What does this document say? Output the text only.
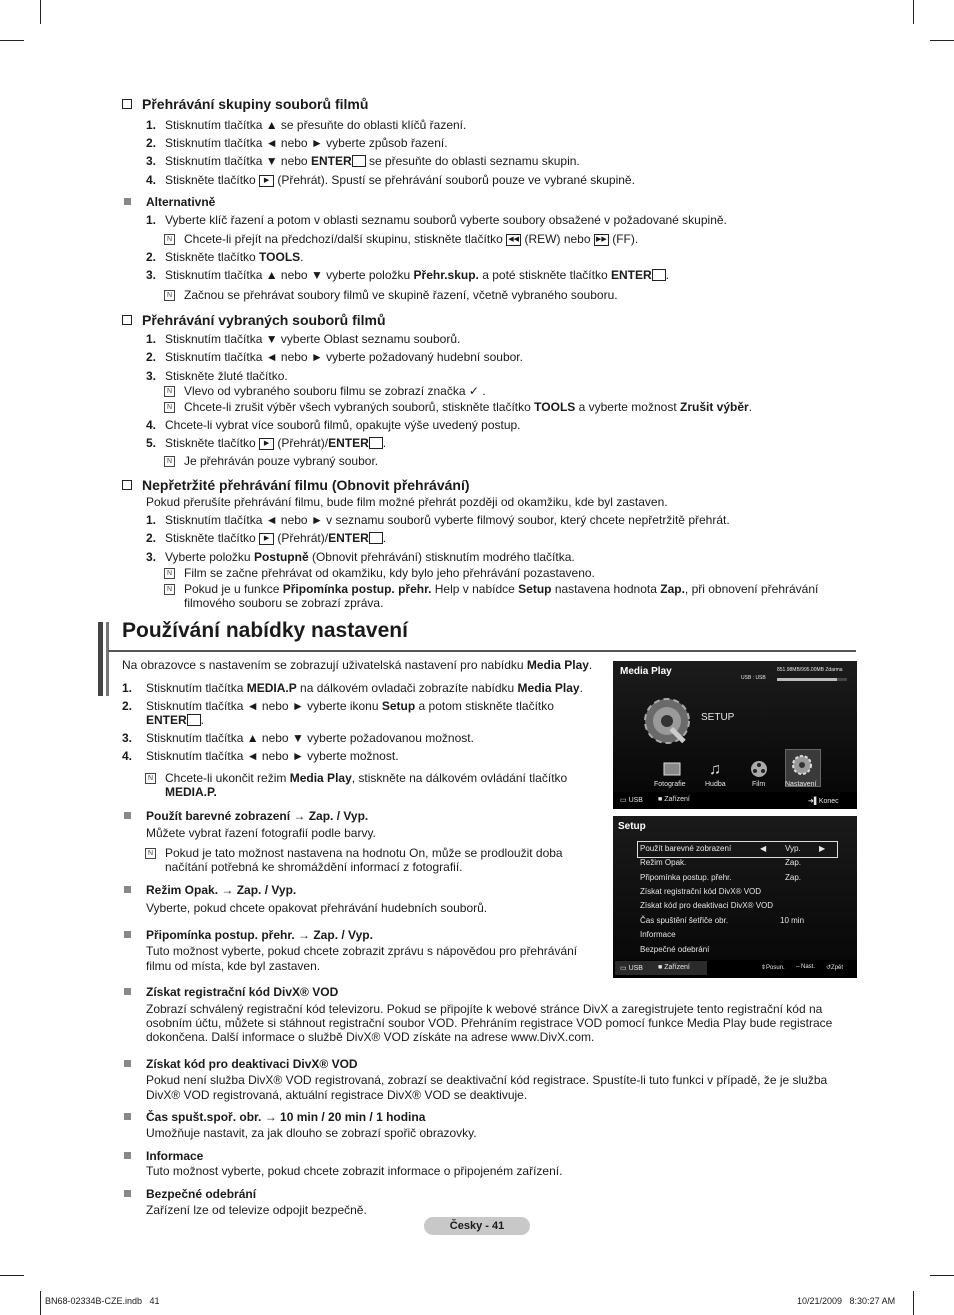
Přehrávání skupiny souborů filmů
1. Stisknutím tlačítka ▲ se přesuňte do oblasti klíčů řazení.
2. Stisknutím tlačítka ◄ nebo ► vyberte způsob řazení.
3. Stisknutím tlačítka ▼ nebo ENTER se přesuňte do oblasti seznamu skupin.
4. Stiskněte tlačítko ▶ (Přehrát). Spustí se přehrávání souborů pouze ve vybrané skupině.
Alternativně
1. Vyberte klíč řazení a potom v oblasti seznamu souborů vyberte soubory obsažené v požadované skupině.
N Chcete-li přejít na předchozí/další skupinu, stiskněte tlačítko ◀◀ (REW) nebo ▶▶ (FF).
2. Stiskněte tlačítko TOOLS.
3. Stisknutím tlačítka ▲ nebo ▼ vyberte položku Přehr.skup. a poté stiskněte tlačítko ENTER .
N Začnou se přehrávat soubory filmů ve skupině řazení, včetně vybraného souboru.
Přehrávání vybraných souborů filmů
1. Stisknutím tlačítka ▼ vyberte Oblast seznamu souborů.
2. Stisknutím tlačítka ◄ nebo ► vyberte požadovaný hudební soubor.
3. Stiskněte žluté tlačítko.
N Vlevo od vybraného souboru filmu se zobrazí značka ✓ .
N Chcete-li zrušit výběr všech vybraných souborů, stiskněte tlačítko TOOLS a vyberte možnost Zrušit výběr.
4. Chcete-li vybrat více souborů filmů, opakujte výše uvedený postup.
5. Stiskněte tlačítko ▶ (Přehrát)/ENTER .
N Je přehráván pouze vybraný soubor.
Nepřetržité přehrávání filmu (Obnovit přehrávání)
Pokud přerušíte přehrávání filmu, bude film možné přehrát později od okamžiku, kde byl zastaven.
1. Stisknutím tlačítka ◄ nebo ► v seznamu souborů vyberte filmový soubor, který chcete nepřetržitě přehrát.
2. Stiskněte tlačítko ▶ (Přehrát)/ENTER .
3. Vyberte položku Postupně (Obnovit přehrávání) stisknutím modrého tlačítka.
N Film se začne přehrávat od okamžiku, kdy bylo jeho přehrávání pozastaveno.
N Pokud je u funkce Připomínka postup. přehr. Help v nabídce Setup nastavena hodnota Zap., při obnovení přehrávání
filmového souboru se zobrazí zpráva.
Používání nabídky nastavení
Na obrazovce s nastavením se zobrazují uživatelská nastavení pro nabídku Media Play.
1. Stisknutím tlačítka MEDIA.P na dálkovém ovladači zobrazíte nabídku Media Play.
2. Stisknutím tlačítka ◄ nebo ► vyberte ikonu Setup a potom stiskněte tlačítko
ENTER .
3. Stisknutím tlačítka ▲ nebo ▼ vyberte požadovanou možnost.
4. Stisknutím tlačítka ◄ nebo ► vyberte možnost.
N Chcete-li ukončit režim Media Play, stiskněte na dálkovém ovládání tlačítko
MEDIA.P.
Použít barevné zobrazení → Zap. / Vyp.
Můžete vybrat řazení fotografií podle barvy.
N Pokud je tato možnost nastavena na hodnotu On, může se prodloužit doba
načítání potřebná ke shromáždění informací z fotografií.
Režim Opak. → Zap. / Vyp.
Vyberte, pokud chcete opakovat přehrávání hudebních souborů.
Připomínka postup. přehr. → Zap. / Vyp.
Tuto možnost vyberte, pokud chcete zobrazit zprávu s nápovědou pro přehrávání
filmu od místa, kde byl zastaven.
Získat registrační kód DivX® VOD
Zobrazí schválený registrační kód televizoru. Pokud se připojíte k webové stránce DivX a zaregistrujete tento registrační kód na
osobním účtu, můžete si stáhnout registrační soubor VOD. Přehráním registrace VOD pomocí funkce Media Play bude registrace
dokončena. Další informace o službě DivX® VOD získáte na adrese www.DivX.com.
Získat kód pro deaktivaci DivX® VOD
Pokud není služba DivX® VOD registrovaná, zobrazí se deaktivační kód registrace. Spustíte-li tuto funkci v případě, že je služba
DivX® VOD registrovaná, aktuální registrace DivX® VOD se deaktivuje.
Čas spušt.spoř. obr. → 10 min / 20 min / 1 hodina
Umožňuje nastavit, za jak dlouho se zobrazí spořič obrazovky.
Informace
Tuto možnost vyberte, pokud chcete zobrazit informace o připojeném zařízení.
Bezpečné odebrání
Zařízení lze od televize odpojit bezpečně.
Media Play	851.98MB/995.00MB Zdarma
USB : USB
SETUP
♫
Fotografie	Hudba	Film	Nastavení
▭ USB ■ Zařízení	➜▌Konec
Setup
Použít barevné zobrazení	◀ Vyp. ▶
Režim Opak.	Zap.
Připomínka postup. přehr.	Zap.
Získat registrační kód DivX® VOD
Získat kód pro deaktivaci DivX® VOD
Čas spuštění šetřiče obr.	10 min
Informace
Bezpečné odebrání
▭ USB ■ Zařízení	⇕Posun. ⇔Nast. ↺Zpět
Česky - 41
BN68-02334B-CZE.indb   41	10/21/2009   8:30:27 AM
